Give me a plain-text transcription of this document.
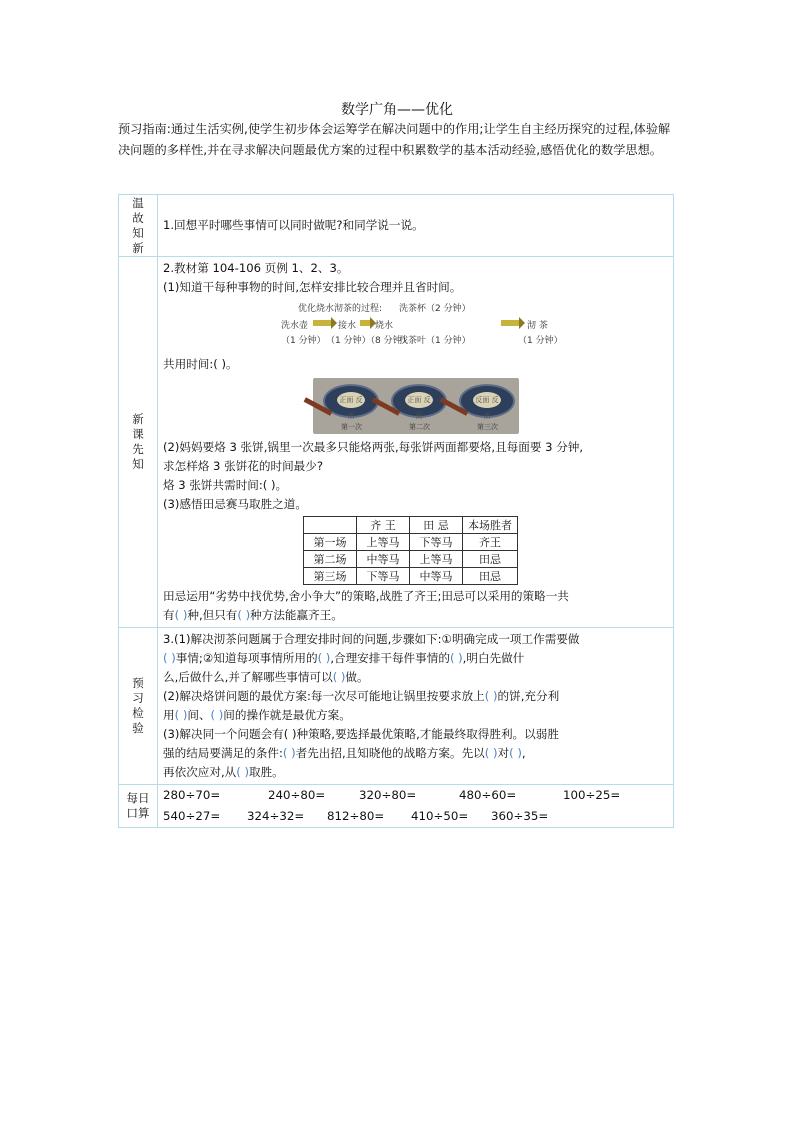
数学广角——优化
预习指南:通过生活实例,使学生初步体会运筹学在解决问题中的作用;让学生自主经历探究的过程,体验解决问题的多样性,并在寻求解决问题最优方案的过程中积累数学的基本活动经验,感悟优化的数学思想。
温故知新	
1.回想平时哪些事情可以同时做呢?和同学说一说。

新课先知	
2.教材第 104-106 页例 1、2、3。
(1)知道干每种事物的时间,怎样安排比较合理并且省时间。
优化烧水沏茶的过程: 洗茶杯（2 分钟）
洗水壶	接水 烧水	沏 茶
（1 分钟） （1 分钟）
（8 分钟）
找茶叶（1 分钟）	（1 分钟）
共用时间:( )。
正面 反面
正面 反面
反面 反面
第一次	第二次	第三次
(2)妈妈要烙 3 张饼,锅里一次最多只能烙两张,每张饼两面都要烙,且每面要 3 分钟,
求怎样烙 3 张饼花的时间最少?
烙 3 张饼共需时间:( )。
(3)感悟田忌赛马取胜之道。
	齐 王	田 忌	本场胜者
第一场	上等马	下等马	齐王
第二场	中等马	上等马	田忌
第三场	下等马	中等马	田忌
田忌运用“劣势中找优势,舍小争大”的策略,战胜了齐王;田忌可以采用的策略一共
有( )种,但只有( )种方法能赢齐王。

预习检验	
3.(1)解决沏茶问题属于合理安排时间的问题,步骤如下:①明确完成一项工作需要做
( )事情;②知道每项事情所用的( ),合理安排干每件事情的( ),明白先做什
么,后做什么,并了解哪些事情可以( )做。
(2)解决烙饼问题的最优方案:每一次尽可能地让锅里按要求放上( )的饼,充分利
用( )间、( )间的操作就是最优方案。
(3)解决同一个问题会有( )种策略,要选择最优策略,才能最终取得胜利。以弱胜
强的结局要满足的条件:( )者先出招,且知晓他的战略方案。先以( )对( ),
再依次应对,从( )取胜。

每日口算	
280÷70=	240÷80=	320÷80=	480÷60=	100÷25=
540÷27= 324÷32= 812÷80= 410÷50= 360÷35=
